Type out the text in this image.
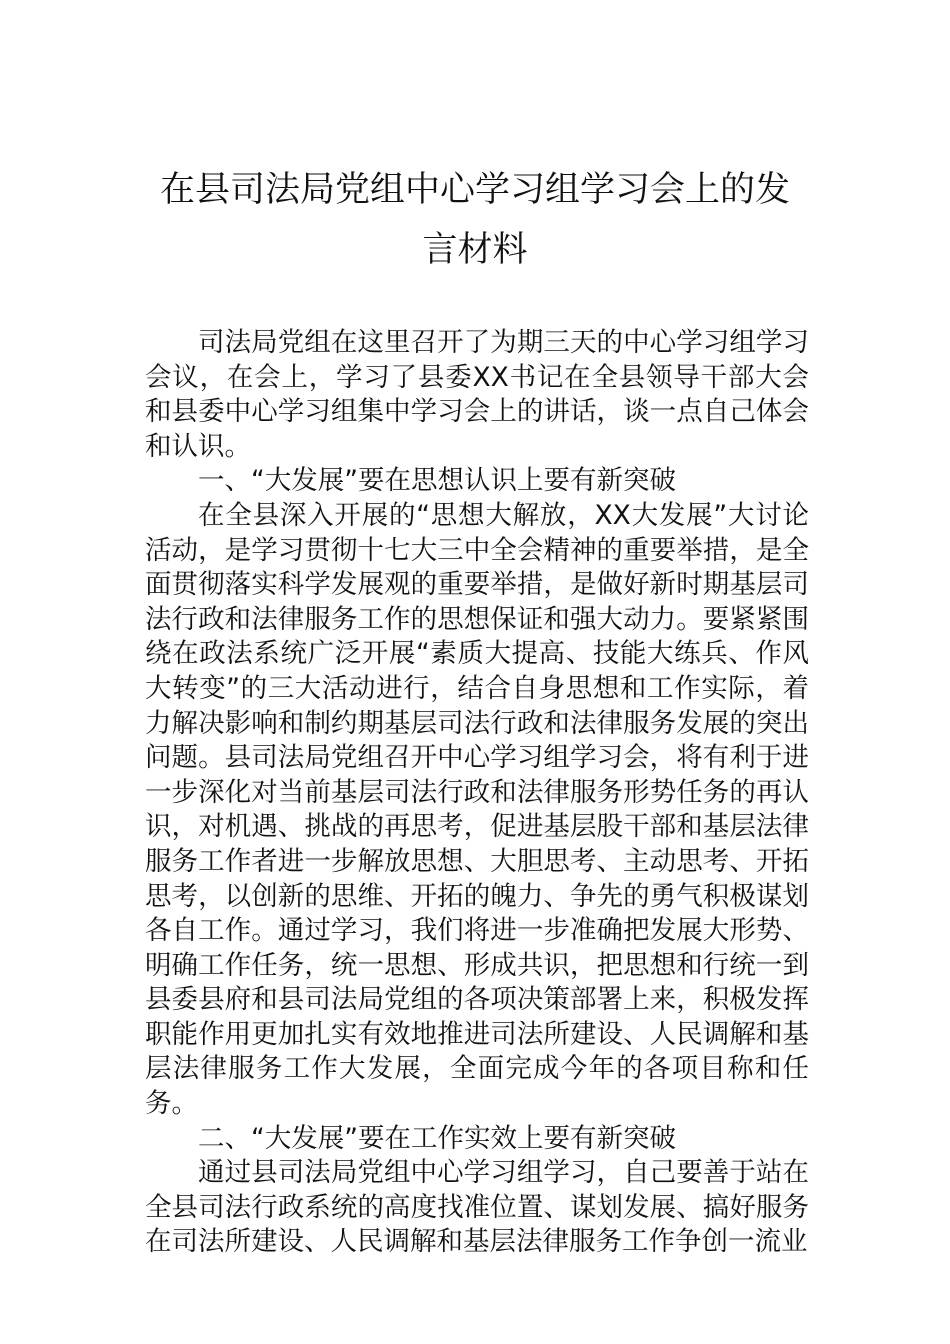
在县司法局党组中心学习组学习会上的发言材料

司法局党组在这里召开了为期三天的中心学习组学习会议，在会上，学习了县委XX书记在全县领导干部大会和县委中心学习组集中学习会上的讲话，谈一点自己体会和认识。

一、“大发展”要在思想认识上要有新突破

在全县深入开展的“思想大解放，XX大发展”大讨论活动，是学习贯彻十七大三中全会精神的重要举措，是全面贯彻落实科学发展观的重要举措，是做好新时期基层司法行政和法律服务工作的思想保证和强大动力。要紧紧围绕在政法系统广泛开展“素质大提高、技能大练兵、作风大转变”的三大活动进行，结合自身思想和工作实际，着力解决影响和制约期基层司法行政和法律服务发展的突出问题。县司法局党组召开中心学习组学习会，将有利于进一步深化对当前基层司法行政和法律服务形势任务的再认识，对机遇、挑战的再思考，促进基层股干部和基层法律服务工作者进一步解放思想、大胆思考、主动思考、开拓思考，以创新的思维、开拓的魄力、争先的勇气积极谋划各自工作。通过学习，我们将进一步准确把发展大形势、明确工作任务，统一思想、形成共识，把思想和行统一到县委县府和县司法局党组的各项决策部署上来，积极发挥职能作用更加扎实有效地推进司法所建设、人民调解和基层法律服务工作大发展，全面完成今年的各项目称和任务。

二、“大发展”要在工作实效上要有新突破

通过县司法局党组中心学习组学习，自己要善于站在全县司法行政系统的高度找准位置、谋划发展、搞好服务在司法所建设、人民调解和基层法律服务工作争创一流业
